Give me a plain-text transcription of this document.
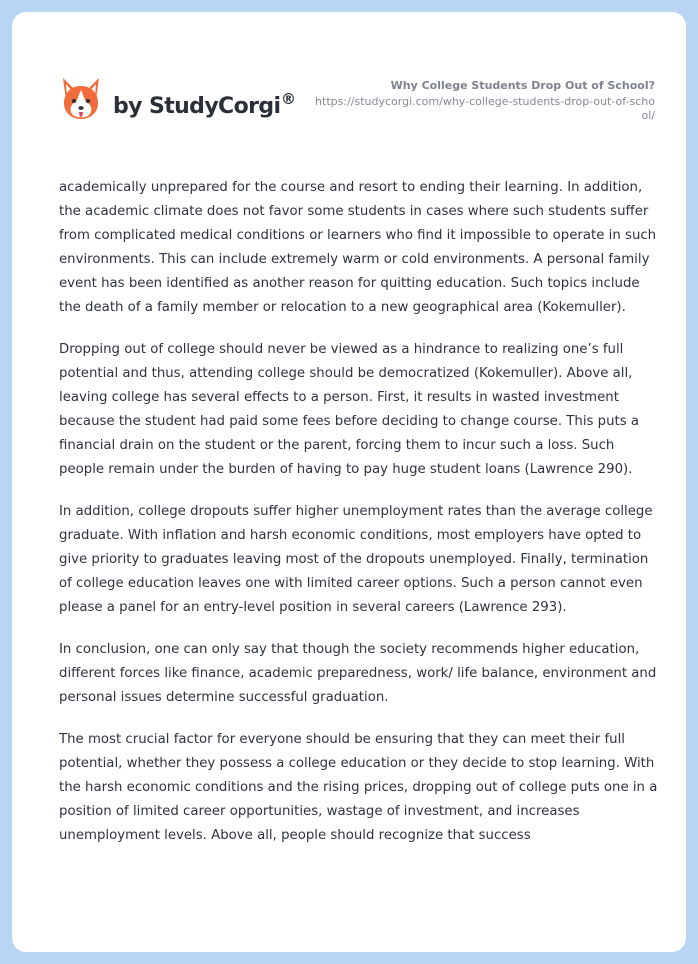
by StudyCorgi ®
Why College Students Drop Out of School?
https://studycorgi.com/why-college-students-drop-out-of-school/

academically unprepared for the course and resort to ending their learning. In addition, the academic climate does not favor some students in cases where such students suffer from complicated medical conditions or learners who find it impossible to operate in such environments. This can include extremely warm or cold environments. A personal family event has been identified as another reason for quitting education. Such topics include the death of a family member or relocation to a new geographical area (Kokemuller).

Dropping out of college should never be viewed as a hindrance to realizing one’s full potential and thus, attending college should be democratized (Kokemuller). Above all, leaving college has several effects to a person. First, it results in wasted investment because the student had paid some fees before deciding to change course. This puts a financial drain on the student or the parent, forcing them to incur such a loss. Such people remain under the burden of having to pay huge student loans (Lawrence 290).

In addition, college dropouts suffer higher unemployment rates than the average college graduate. With inflation and harsh economic conditions, most employers have opted to give priority to graduates leaving most of the dropouts unemployed. Finally, termination of college education leaves one with limited career options. Such a person cannot even please a panel for an entry-level position in several careers (Lawrence 293).

In conclusion, one can only say that though the society recommends higher education, different forces like finance, academic preparedness, work/ life balance, environment and personal issues determine successful graduation.

The most crucial factor for everyone should be ensuring that they can meet their full potential, whether they possess a college education or they decide to stop learning. With the harsh economic conditions and the rising prices, dropping out of college puts one in a position of limited career opportunities, wastage of investment, and increases unemployment levels. Above all, people should recognize that success
